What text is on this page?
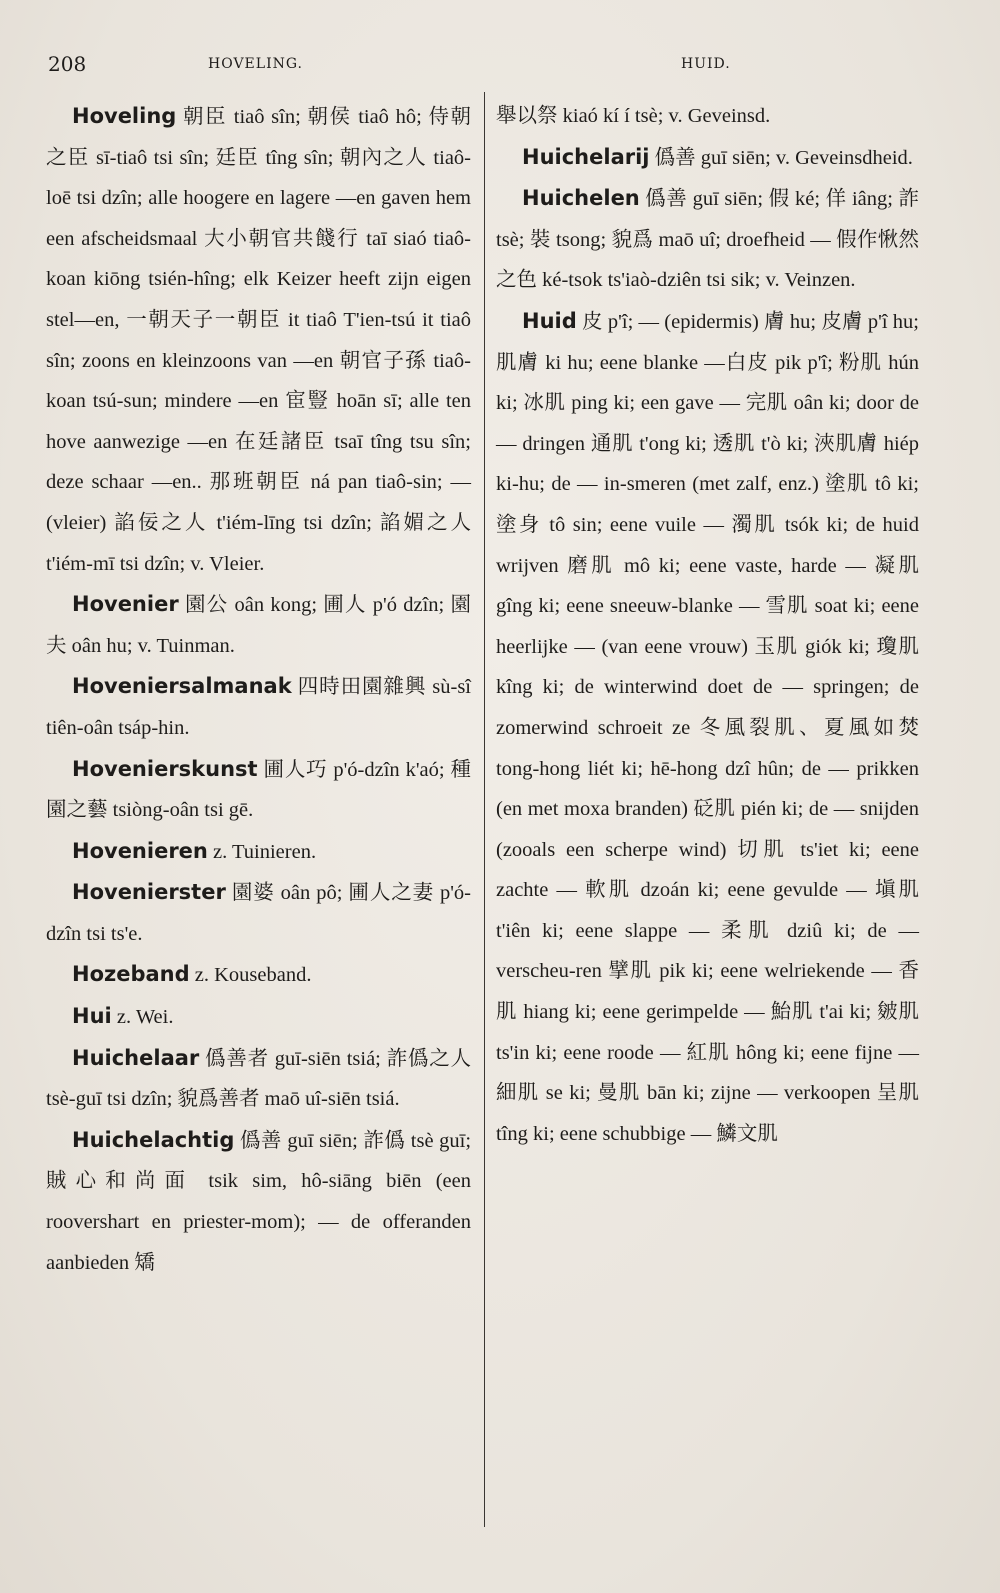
208	HOVELING.	HUID.

Hoveling 朝臣 tiaô sîn; 朝侯 tiaô hô; 侍朝之臣 sī-tiaô tsi sîn; 廷臣 tîng sîn; 朝內之人 tiaô-loē tsi dzîn; alle hoogere en lagere —en gaven hem een afscheidsmaal 大小朝官共餞行 taī siaó tiaô-koan kiōng tsién-hîng; elk Keizer heeft zijn eigen stel—en, 一朝天子一朝臣 it tiaô T'ien-tsú it tiaô sîn; zoons en kleinzoons van —en 朝官子孫 tiaô-koan tsú-sun; mindere —en 宦豎 hoān sī; alle ten hove aanwezige —en 在廷諸臣 tsaī tîng tsu sîn; deze schaar —en.. 那班朝臣 ná pan tiaô-sin; — (vleier) 諂佞之人 t'iém-līng tsi dzîn; 諂媚之人 t'iém-mī tsi dzîn; v. Vleier.

Hovenier 園公 oân kong; 圃人 p'ó dzîn; 園夫 oân hu; v. Tuinman.

Hoveniersalmanak 四時田園雜興 sù-sî tiên-oân tsáp-hin.

Hovenierskunst 圃人巧 p'ó-dzîn k'aó; 種園之藝 tsiòng-oân tsi gē.

Hovenieren z. Tuinieren.

Hovenierster 園婆 oân pô; 圃人之妻 p'ó-dzîn tsi ts'e.

Hozeband z. Kouseband.

Hui z. Wei.

Huichelaar 僞善者 guī-siēn tsiá; 詐僞之人 tsè-guī tsi dzîn; 貌爲善者 maō uî-siēn tsiá.

Huichelachtig 僞善 guī siēn; 詐僞 tsè guī; 賊心和尚面 tsik sim, hô-siāng biēn (een roovershart en priester-mom); — de offeranden aanbieden 矯

舉以祭 kiaó kí í tsè; v. Geveinsd.

Huichelarij 僞善 guī siēn; v. Geveinsdheid.

Huichelen 僞善 guī siēn; 假 ké; 佯 iâng; 詐 tsè; 裝 tsong; 貌爲 maō uî; droefheid — 假作愀然之色 ké-tsok ts'iaò-dziên tsi sik; v. Veinzen.

Huid 皮 p'î; — (epidermis) 膚 hu; 皮膚 p'î hu; 肌膚 ki hu; eene blanke —白皮 pik p'î; 粉肌 hún ki; 冰肌 ping ki; een gave — 完肌 oân ki; door de — dringen 通肌 t'ong ki; 透肌 t'ò ki; 浹肌膚 hiép ki-hu; de — in-smeren (met zalf, enz.) 塗肌 tô ki; 塗身 tô sin; eene vuile — 濁肌 tsók ki; de huid wrijven 磨肌 mô ki; eene vaste, harde — 凝肌 gîng ki; eene sneeuw-blanke — 雪肌 soat ki; eene heerlijke — (van eene vrouw) 玉肌 giók ki; 瓊肌 kîng ki; de winterwind doet de — springen; de zomerwind schroeit ze 冬風裂肌、夏風如焚 tong-hong liét ki; hē-hong dzî hûn; de — prikken (en met moxa branden) 砭肌 pién ki; de — snijden (zooals een scherpe wind) 切肌 ts'iet ki; eene zachte — 軟肌 dzoán ki; eene gevulde — 塡肌 t'iên ki; eene slappe — 柔肌 dziû ki; de — verscheu-ren 擘肌 pik ki; eene welriekende — 香肌 hiang ki; eene gerimpelde — 鮐肌 t'ai ki; 皴肌 ts'in ki; eene roode — 紅肌 hông ki; eene fijne — 細肌 se ki; 曼肌 bān ki; zijne — verkoopen 呈肌 tîng ki; eene schubbige — 鱗文肌
